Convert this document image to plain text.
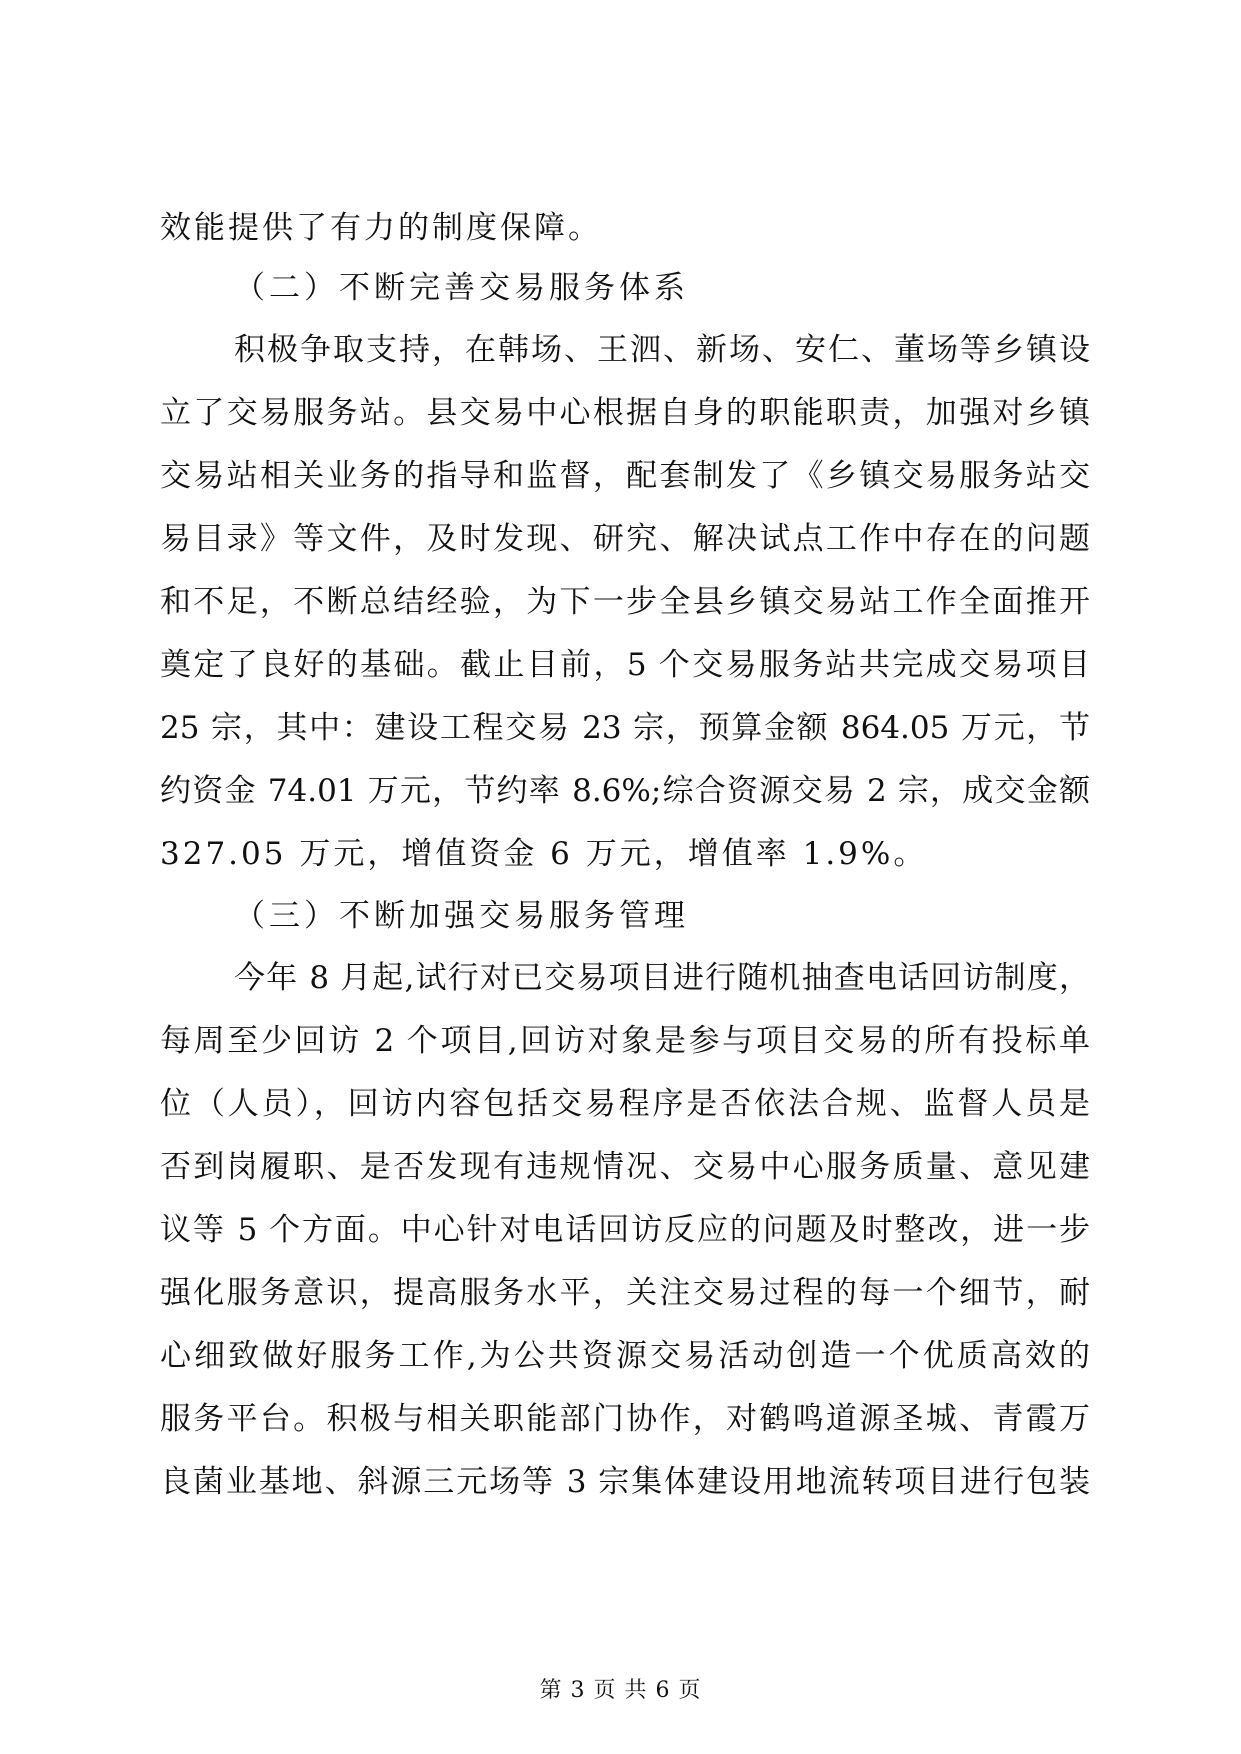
效能提供了有力的制度保障。
（二）不断完善交易服务体系
积极争取支持，在韩场、王泗、新场、安仁、董场等乡镇设
立了交易服务站。县交易中心根据自身的职能职责，加强对乡镇
交易站相关业务的指导和监督，配套制发了《乡镇交易服务站交
易目录》等文件，及时发现、研究、解决试点工作中存在的问题
和不足，不断总结经验，为下一步全县乡镇交易站工作全面推开
奠定了良好的基础。截止目前，5 个交易服务站共完成交易项目
25 宗，其中：建设工程交易 23 宗，预算金额 864.05 万元，节
约资金 74.01 万元，节约率 8.6%;综合资源交易 2 宗，成交金额
327.05 万元，增值资金 6 万元，增值率 1.9%。
（三）不断加强交易服务管理
今年 8 月起,试行对已交易项目进行随机抽查电话回访制度，
每周至少回访 2 个项目,回访对象是参与项目交易的所有投标单
位（人员），回访内容包括交易程序是否依法合规、监督人员是
否到岗履职、是否发现有违规情况、交易中心服务质量、意见建
议等 5 个方面。中心针对电话回访反应的问题及时整改，进一步
强化服务意识，提高服务水平，关注交易过程的每一个细节，耐
心细致做好服务工作,为公共资源交易活动创造一个优质高效的
服务平台。积极与相关职能部门协作，对鹤鸣道源圣城、青霞万
良菌业基地、斜源三元场等 3 宗集体建设用地流转项目进行包装
第 3 页 共 6 页
